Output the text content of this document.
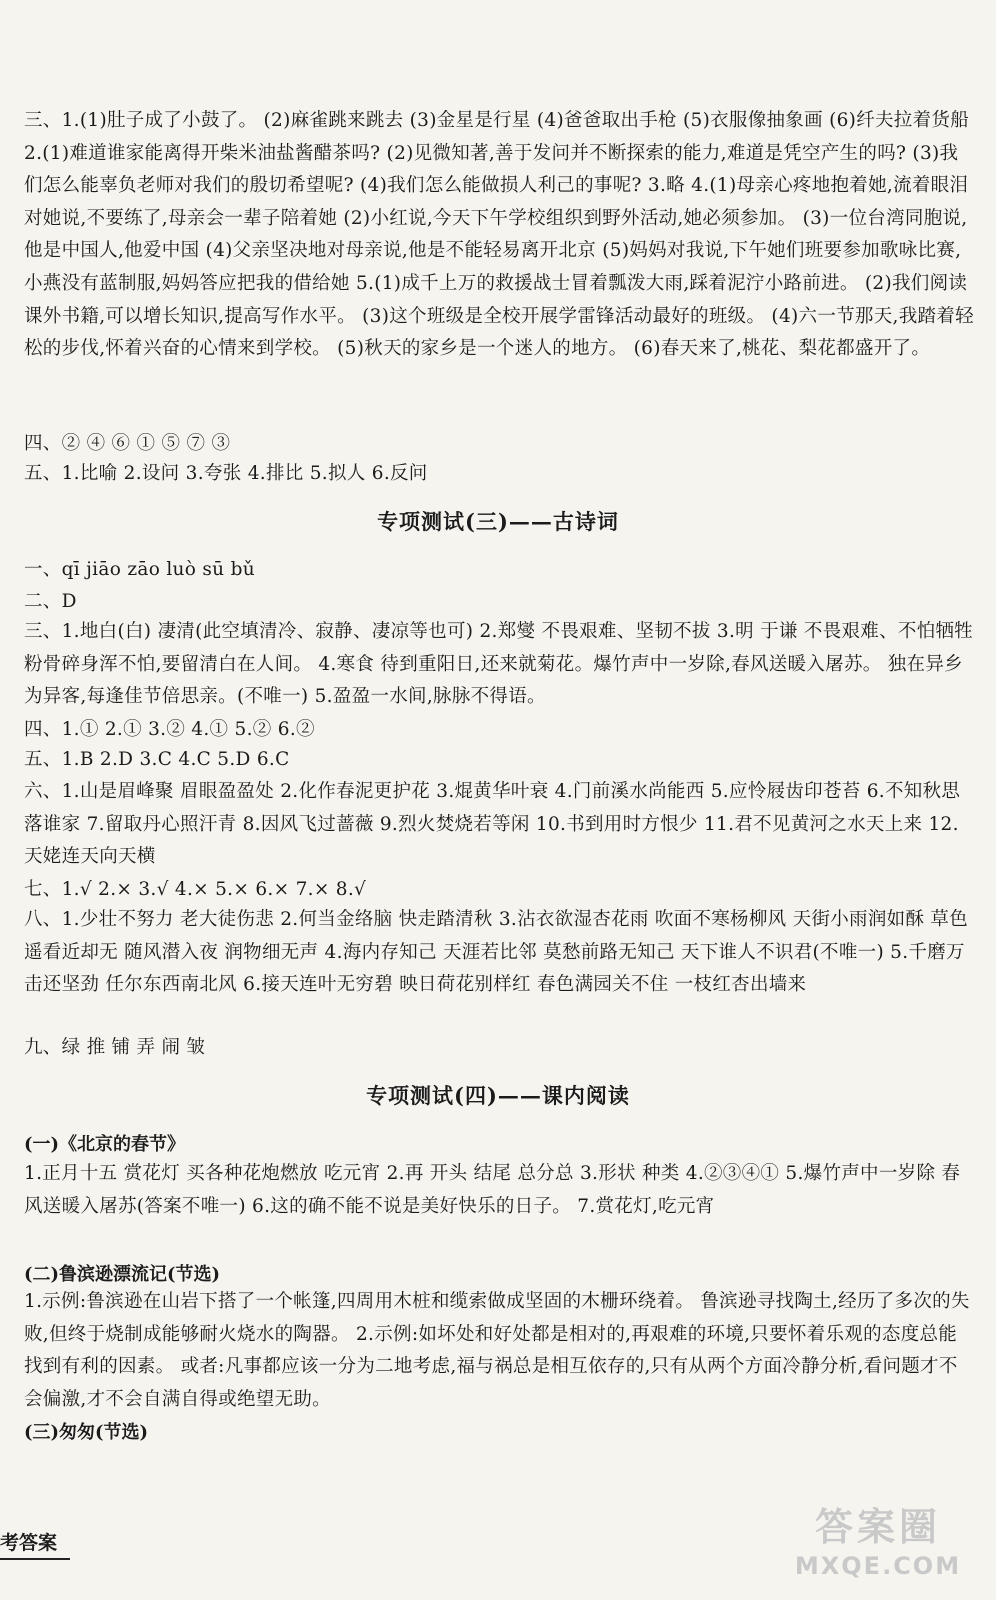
三、1.(1)肚子成了小鼓了。 (2)麻雀跳来跳去 (3)金星是行星 (4)爸爸取出手枪 (5)衣服像抽象画 (6)纤夫拉着货船 2.(1)难道谁家能离得开柴米油盐酱醋茶吗? (2)见微知著,善于发问并不断探索的能力,难道是凭空产生的吗? (3)我们怎么能辜负老师对我们的殷切希望呢? (4)我们怎么能做损人利己的事呢? 3.略 4.(1)母亲心疼地抱着她,流着眼泪对她说,不要练了,母亲会一辈子陪着她 (2)小红说,今天下午学校组织到野外活动,她必须参加。 (3)一位台湾同胞说,他是中国人,他爱中国 (4)父亲坚决地对母亲说,他是不能轻易离开北京 (5)妈妈对我说,下午她们班要参加歌咏比赛,小燕没有蓝制服,妈妈答应把我的借给她 5.(1)成千上万的救援战士冒着瓢泼大雨,踩着泥泞小路前进。 (2)我们阅读课外书籍,可以增长知识,提高写作水平。 (3)这个班级是全校开展学雷锋活动最好的班级。 (4)六一节那天,我踏着轻松的步伐,怀着兴奋的心情来到学校。 (5)秋天的家乡是一个迷人的地方。 (6)春天来了,桃花、梨花都盛开了。
四、② ④ ⑥ ① ⑤ ⑦ ③
五、1.比喻 2.设问 3.夸张 4.排比 5.拟人 6.反问
专项测试(三)——古诗词
一、qī jiāo zāo luò sū bǔ
二、D
三、1.地白(白) 凄清(此空填清冷、寂静、凄凉等也可) 2.郑燮 不畏艰难、坚韧不拔 3.明 于谦 不畏艰难、不怕牺牲 粉骨碎身浑不怕,要留清白在人间。 4.寒食 待到重阳日,还来就菊花。爆竹声中一岁除,春风送暖入屠苏。 独在异乡为异客,每逢佳节倍思亲。(不唯一) 5.盈盈一水间,脉脉不得语。
四、1.① 2.① 3.② 4.① 5.② 6.②
五、1.B 2.D 3.C 4.C 5.D 6.C
六、1.山是眉峰聚 眉眼盈盈处 2.化作春泥更护花 3.焜黄华叶衰 4.门前溪水尚能西 5.应怜屐齿印苍苔 6.不知秋思落谁家 7.留取丹心照汗青 8.因风飞过蔷薇 9.烈火焚烧若等闲 10.书到用时方恨少 11.君不见黄河之水天上来 12.天姥连天向天横
七、1.√ 2.× 3.√ 4.× 5.× 6.× 7.× 8.√
八、1.少壮不努力 老大徒伤悲 2.何当金络脑 快走踏清秋 3.沾衣欲湿杏花雨 吹面不寒杨柳风 天街小雨润如酥 草色遥看近却无 随风潜入夜 润物细无声 4.海内存知己 天涯若比邻 莫愁前路无知己 天下谁人不识君(不唯一) 5.千磨万击还坚劲 任尔东西南北风 6.接天连叶无穷碧 映日荷花别样红 春色满园关不住 一枝红杏出墙来
九、绿 推 铺 弄 闹 皱
专项测试(四)——课内阅读
(一)《北京的春节》
1.正月十五 赏花灯 买各种花炮燃放 吃元宵 2.再 开头 结尾 总分总 3.形状 种类 4.②③④① 5.爆竹声中一岁除 春风送暖入屠苏(答案不唯一) 6.这的确不能不说是美好快乐的日子。 7.赏花灯,吃元宵
(二)鲁滨逊漂流记(节选)
1.示例:鲁滨逊在山岩下搭了一个帐篷,四周用木桩和缆索做成坚固的木栅环绕着。 鲁滨逊寻找陶土,经历了多次的失败,但终于烧制成能够耐火烧水的陶器。 2.示例:如坏处和好处都是相对的,再艰难的环境,只要怀着乐观的态度总能找到有利的因素。 或者:凡事都应该一分为二地考虑,福与祸总是相互依存的,只有从两个方面冷静分析,看问题才不会偏激,才不会自满自得或绝望无助。
(三)匆匆(节选)
考答案	答案圈
MXQE.COM
